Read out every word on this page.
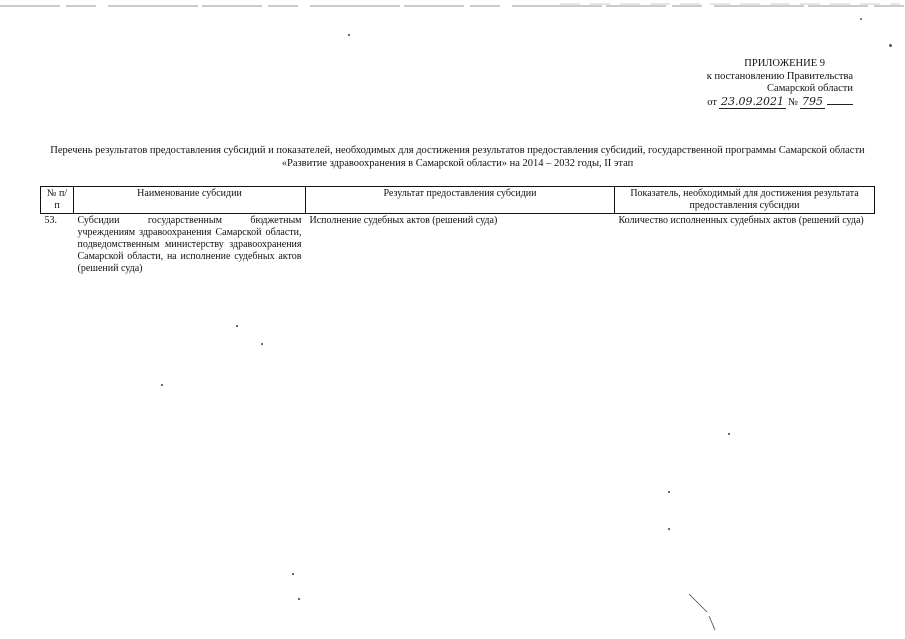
ПРИЛОЖЕНИЕ 9
к постановлению Правительства
Самарской области
от 23.09.2021 № 795
Перечень результатов предоставления субсидий и показателей, необходимых для достижения результатов предоставления субсидий, государственной программы Самарской области «Развитие здравоохранения в Самарской области» на 2014 – 2032 годы, II этап
№ п/п	Наименование субсидии	Результат предоставления субсидии	Показатель, необходимый для достижения результата предоставления субсидии
53.	Субсидии государственным бюджетным учреждениям здравоохранения Самарской области, подведомственным министерству здравоохранения Самарской области, на исполнение судебных актов (решений суда)	Исполнение судебных актов (решений суда)	Количество исполненных судебных актов (решений суда)
